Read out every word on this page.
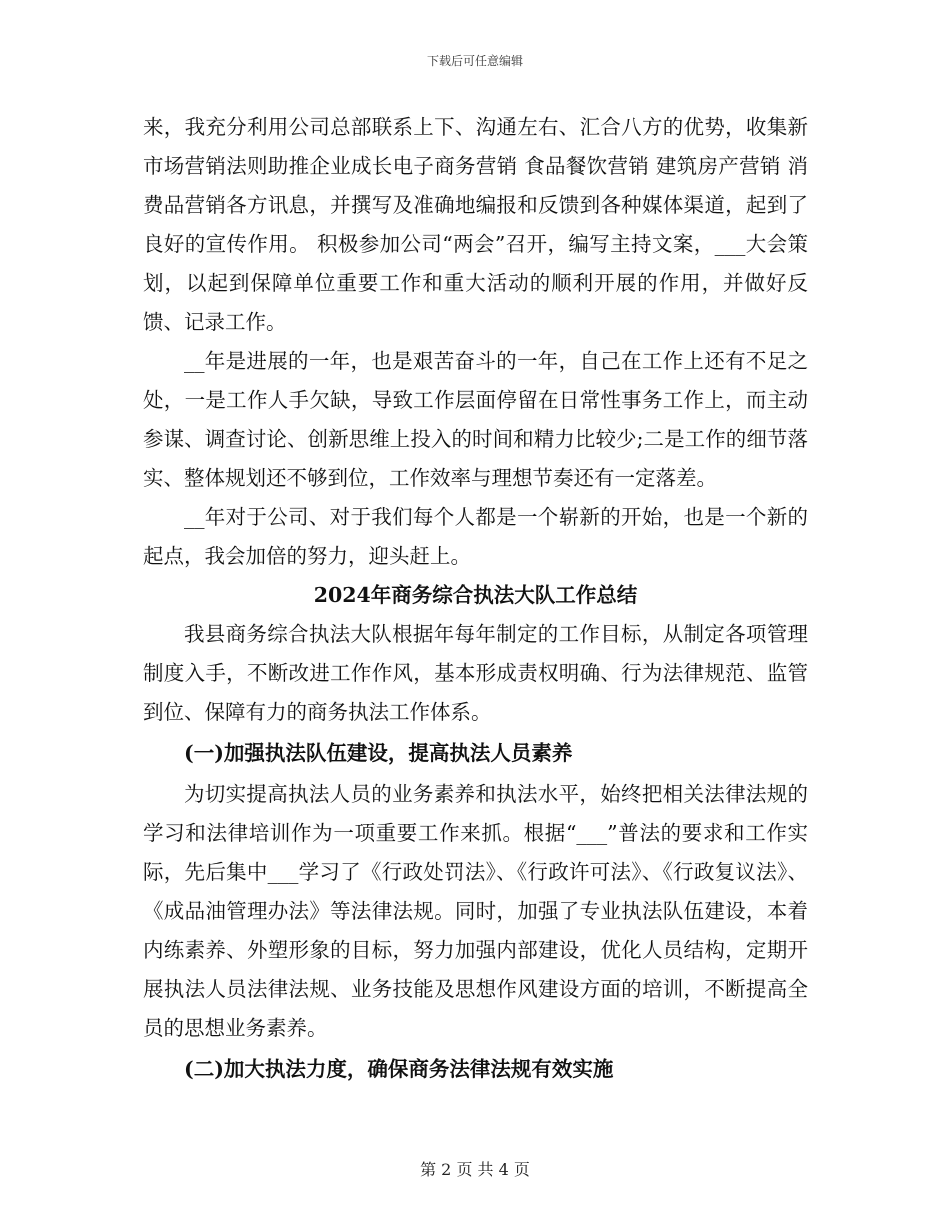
下载后可任意编辑

来，我充分利用公司总部联系上下、沟通左右、汇合八方的优势，收集新市场营销法则助推企业成长电子商务营销 食品餐饮营销 建筑房产营销 消费品营销各方讯息，并撰写及准确地编报和反馈到各种媒体渠道，起到了良好的宣传作用。 积极参加公司“两会”召开，编写主持文案，___大会策划，以起到保障单位重要工作和重大活动的顺利开展的作用，并做好反馈、记录工作。

__年是进展的一年，也是艰苦奋斗的一年，自己在工作上还有不足之处，一是工作人手欠缺，导致工作层面停留在日常性事务工作上，而主动参谋、调查讨论、创新思维上投入的时间和精力比较少;二是工作的细节落实、整体规划还不够到位，工作效率与理想节奏还有一定落差。

__年对于公司、对于我们每个人都是一个崭新的开始，也是一个新的起点，我会加倍的努力，迎头赶上。

2024年商务综合执法大队工作总结

我县商务综合执法大队根据年每年制定的工作目标，从制定各项管理制度入手，不断改进工作作风，基本形成责权明确、行为法律规范、监管到位、保障有力的商务执法工作体系。

(一)加强执法队伍建设，提高执法人员素养

为切实提高执法人员的业务素养和执法水平，始终把相关法律法规的学习和法律培训作为一项重要工作来抓。根据“___”普法的要求和工作实际，先后集中___学习了《行政处罚法》、《行政许可法》、《行政复议法》、《成品油管理办法》等法律法规。同时，加强了专业执法队伍建设，本着内练素养、外塑形象的目标，努力加强内部建设，优化人员结构，定期开展执法人员法律法规、业务技能及思想作风建设方面的培训，不断提高全员的思想业务素养。

(二)加大执法力度，确保商务法律法规有效实施

第 2 页 共 4 页
